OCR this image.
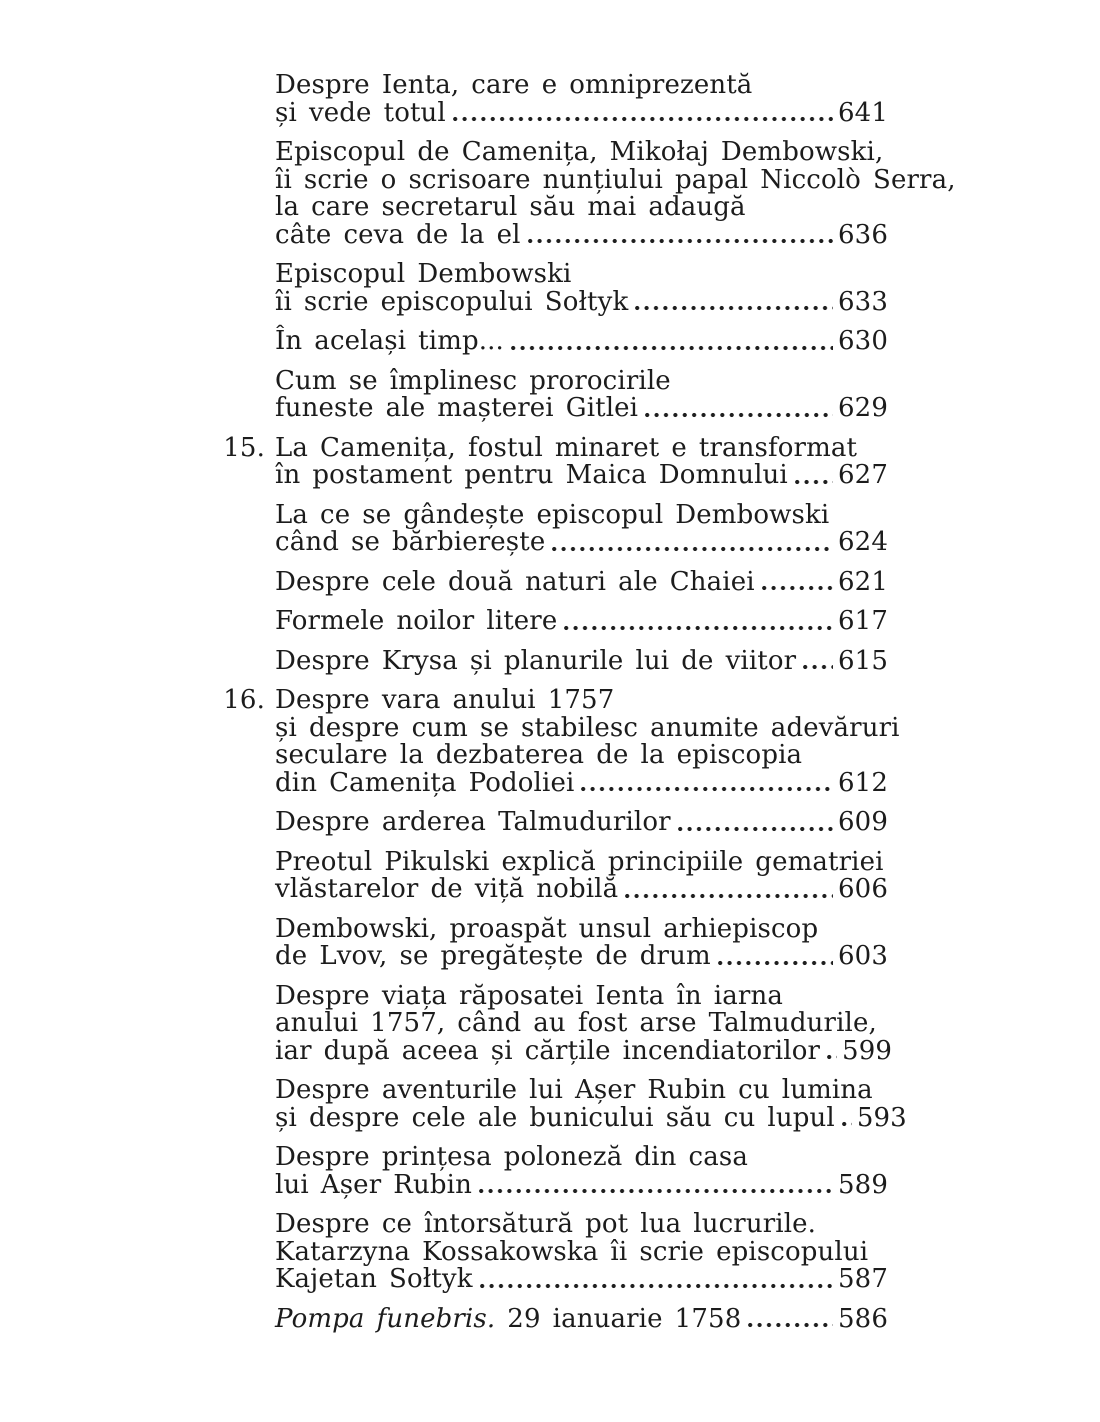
Despre Ienta, care e omniprezentă
și vede totul	641
Episcopul de Camenița, Mikołaj Dembowski,
îi scrie o scrisoare nunțiului papal Niccolò Serra,
la care secretarul său mai adaugă
câte ceva de la el	636
Episcopul Dembowski
îi scrie episcopului Sołtyk	633
În același timp...	630
Cum se împlinesc prorocirile
funeste ale mașterei Gitlei	629
15. La Camenița, fostul minaret e transformat
în postament pentru Maica Domnului 627
La ce se gândește episcopul Dembowski
când se bărbierește	624
Despre cele două naturi ale Chaiei	621
Formele noilor litere	617
Despre Krysa și planurile lui de viitor 615
16. Despre vara anului 1757
și despre cum se stabilesc anumite adevăruri
seculare la dezbaterea de la episcopia
din Camenița Podoliei	612
Despre arderea Talmudurilor	609
Preotul Pikulski explică principiile gematriei
vlăstarelor de viță nobilă	606
Dembowski, proaspăt unsul arhiepiscop
de Lvov, se pregătește de drum	603
Despre viața răposatei Ienta în iarna
anului 1757, când au fost arse Talmudurile,
iar după aceea și cărțile incendiatorilor 599
Despre aventurile lui Așer Rubin cu lumina
și despre cele ale bunicului său cu lupul 593
Despre prințesa poloneză din casa
lui Așer Rubin	589
Despre ce întorsătură pot lua lucrurile.
Katarzyna Kossakowska îi scrie episcopului
Kajetan Sołtyk	587
Pompa funebris. 29 ianuarie 1758	586
